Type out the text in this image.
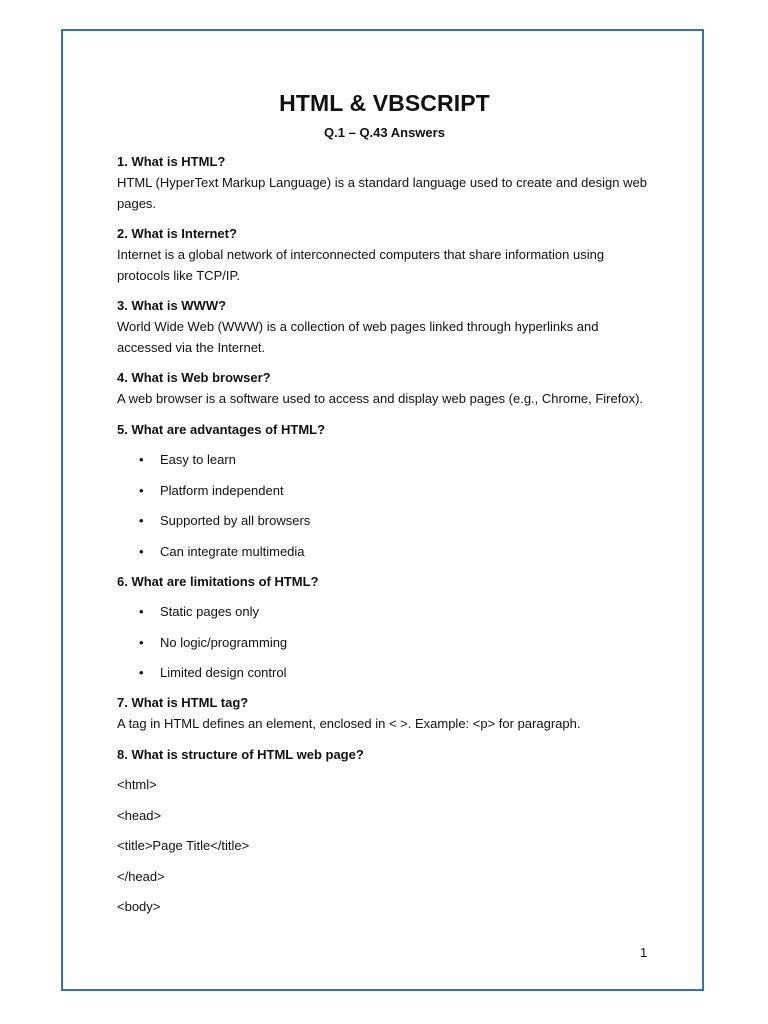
HTML & VBSCRIPT

Q.1 – Q.43 Answers

1. What is HTML?

HTML (HyperText Markup Language) is a standard language used to create and design web pages.

2. What is Internet?

Internet is a global network of interconnected computers that share information using protocols like TCP/IP.

3. What is WWW?

World Wide Web (WWW) is a collection of web pages linked through hyperlinks and accessed via the Internet.

4. What is Web browser?

A web browser is a software used to access and display web pages (e.g., Chrome, Firefox).

5. What are advantages of HTML?

• Easy to learn
• Platform independent
• Supported by all browsers
• Can integrate multimedia

6. What are limitations of HTML?

• Static pages only
• No logic/programming
• Limited design control

7. What is HTML tag?

A tag in HTML defines an element, enclosed in < >. Example: <p> for paragraph.

8. What is structure of HTML web page?

<html>
<head>
<title>Page Title</title>
</head>
<body>
1
